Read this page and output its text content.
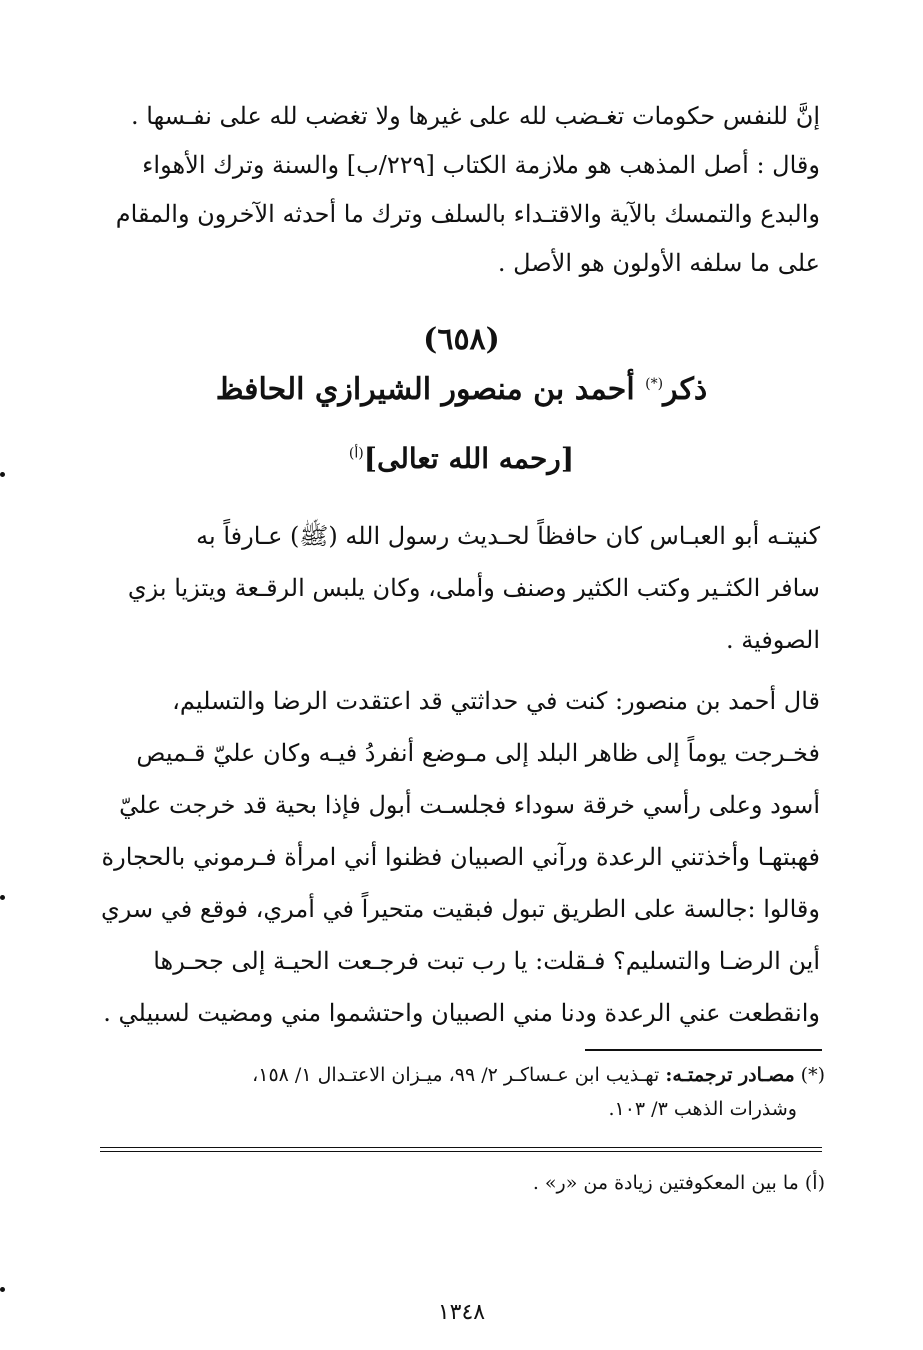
إنَّ للنفس حكومات تغـضب لله على غيرها ولا تغضب لله على نفـسها .
وقال : أصل المذهب هو ملازمة الكتاب [٢٢٩/ب] والسنة وترك الأهواء
والبدع والتمسك بالآية والاقتـداء بالسلف وترك ما أحدثه الآخرون والمقام
على ما سلفه الأولون هو الأصل .
(٦٥٨)
ذكر(*) أحمد بن منصور الشيرازي الحافظ
[رحمه الله تعالى]$^{(أ)}$
كنيتـه أبو العبـاس كان حافظاً لحـديث رسول الله (ﷺ) عـارفاً به
سافر الكثـير وكتب الكثير وصنف وأملى، وكان يلبس الرقـعة ويتزيا بزي
الصوفية .
قال أحمد بن منصور: كنت في حداثتي قد اعتقدت الرضا والتسليم،
فخـرجت يوماً إلى ظاهر البلد إلى مـوضع أنفردُ فيـه وكان عليّ قـميص
أسود وعلى رأسي خرقة سوداء فجلسـت أبول فإذا بحية قد خرجت عليّ
فهبتهـا وأخذتني الرعدة ورآني الصبيان فظنوا أني امرأة فـرموني بالحجارة
وقالوا :جالسة على الطريق تبول فبقيت متحيراً في أمري، فوقع في سري
أين الرضـا والتسليم؟ فـقلت: يا رب تبت فرجـعت الحيـة إلى جحـرها
وانقطعت عني الرعدة ودنا مني الصبيان واحتشموا مني ومضيت لسبيلي .
(*) مصـادر ترجمتـه: تهـذيب ابن عـساكـر ٢/ ٩٩، ميـزان الاعتـدال ١/ ١٥٨،
وشذرات الذهب ٣/ ١٠٣.
(أ) ما بين المعكوفتين زيادة من «ر» .
١٣٤٨
